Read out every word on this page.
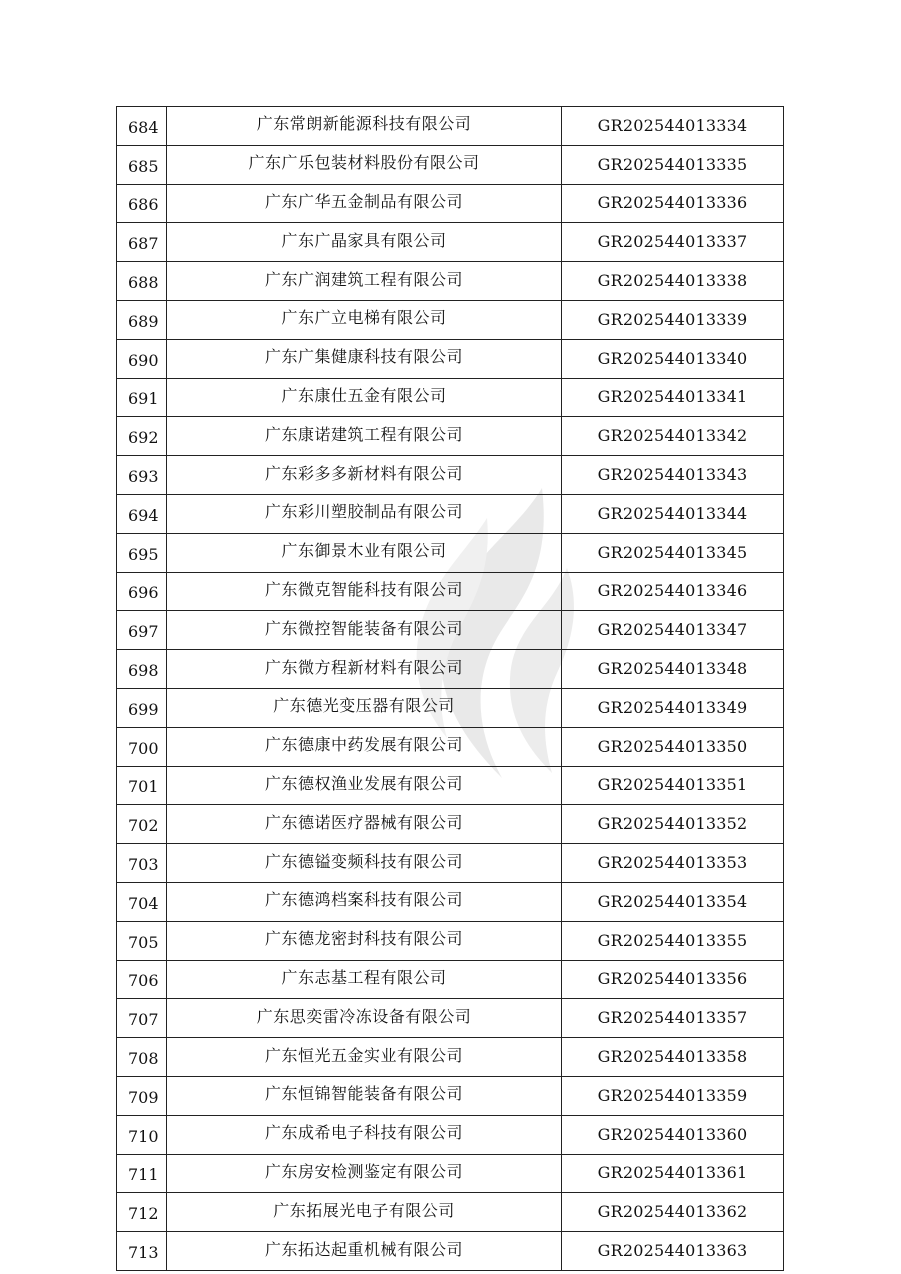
684	广东常朗新能源科技有限公司	GR202544013334
685	广东广乐包装材料股份有限公司	GR202544013335
686	广东广华五金制品有限公司	GR202544013336
687	广东广晶家具有限公司	GR202544013337
688	广东广润建筑工程有限公司	GR202544013338
689	广东广立电梯有限公司	GR202544013339
690	广东广集健康科技有限公司	GR202544013340
691	广东康仕五金有限公司	GR202544013341
692	广东康诺建筑工程有限公司	GR202544013342
693	广东彩多多新材料有限公司	GR202544013343
694	广东彩川塑胶制品有限公司	GR202544013344
695	广东御景木业有限公司	GR202544013345
696	广东微克智能科技有限公司	GR202544013346
697	广东微控智能装备有限公司	GR202544013347
698	广东微方程新材料有限公司	GR202544013348
699	广东德光变压器有限公司	GR202544013349
700	广东德康中药发展有限公司	GR202544013350
701	广东德权渔业发展有限公司	GR202544013351
702	广东德诺医疗器械有限公司	GR202544013352
703	广东德镒变频科技有限公司	GR202544013353
704	广东德鸿档案科技有限公司	GR202544013354
705	广东德龙密封科技有限公司	GR202544013355
706	广东志基工程有限公司	GR202544013356
707	广东思奕雷冷冻设备有限公司	GR202544013357
708	广东恒光五金实业有限公司	GR202544013358
709	广东恒锦智能装备有限公司	GR202544013359
710	广东成希电子科技有限公司	GR202544013360
711	广东房安检测鉴定有限公司	GR202544013361
712	广东拓展光电子有限公司	GR202544013362
713	广东拓达起重机械有限公司	GR202544013363
